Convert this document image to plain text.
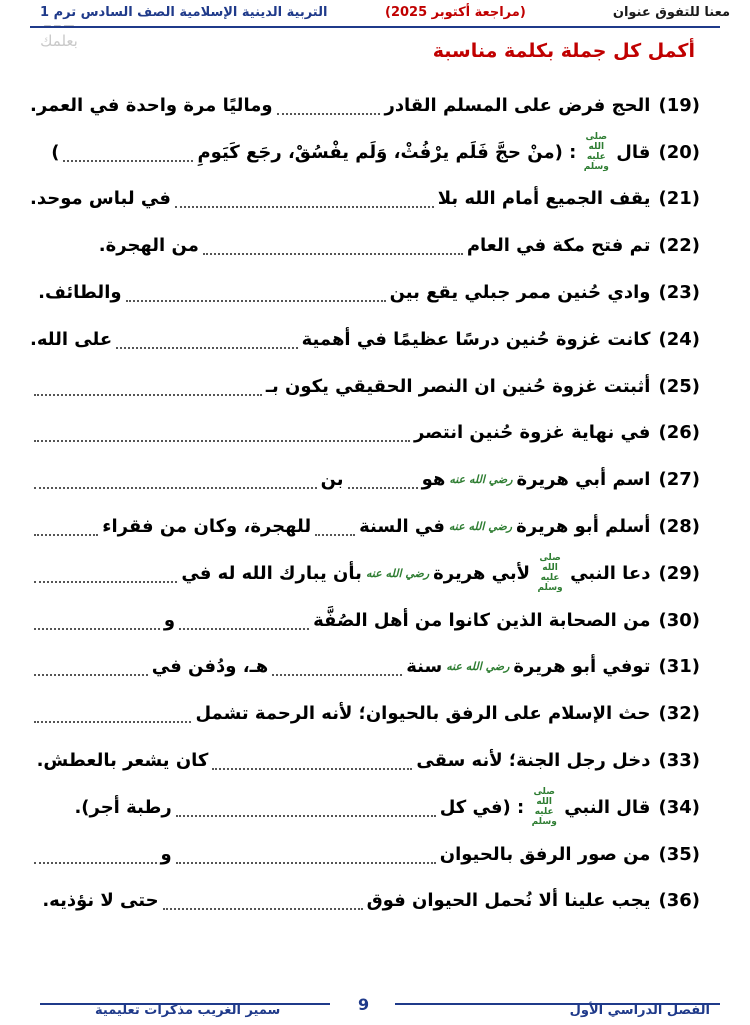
معنا للتفوق عنوان
(مراجعة أكتوبر 2025)
التربية الدينية الإسلامية الصف السادس ترم 1
ـــ ــ ــ
بعلمك	أكمل كل جملة بكلمة مناسبة
(19)
الحج فرض على المسلم القادر
وماليًا مرة واحدة في العمر.
(20)
قال
صلى الله عليه وسلم
: (منْ حجَّ فَلَم يرْفُثْ، وَلَم يفْسُقْ، رجَع كَيَومِ
)
(21)
يقف الجميع أمام الله بلا
في لباس موحد.
(22)
تم فتح مكة في العام
من الهجرة.
(23)
وادي حُنين ممر جبلي يقع بين
والطائف.
(24)
كانت غزوة حُنين درسًا عظيمًا في أهمية
على الله.
(25)
أثبتت غزوة حُنين ان النصر الحقيقي يكون بـ
(26)
في نهاية غزوة حُنين انتصر
(27)
اسم أبي هريرة
رضي الله عنه
هو
بن
(28)
أسلم أبو هريرة
رضي الله عنه
في السنة
للهجرة، وكان من فقراء
(29)
دعا النبي
صلى الله عليه وسلم
لأبي هريرة
رضي الله عنه
بأن يبارك الله له في
(30)
من الصحابة الذين كانوا من أهل الصُفَّة
و
(31)
توفي أبو هريرة
رضي الله عنه
سنة
هـ، ودُفن في
(32)
حث الإسلام على الرفق بالحيوان؛ لأنه الرحمة تشمل
(33)
دخل رجل الجنة؛ لأنه سقى
كان يشعر بالعطش.
(34)
قال النبي
صلى الله عليه وسلم
: (في كل
رطبة أجر).
(35)
من صور الرفق بالحيوان
و
(36)
يجب علينا ألا نُحمل الحيوان فوق
حتى لا نؤذيه.
الفصل الدراسي الأول
9
سمير الغريب مذكرات تعليمية
